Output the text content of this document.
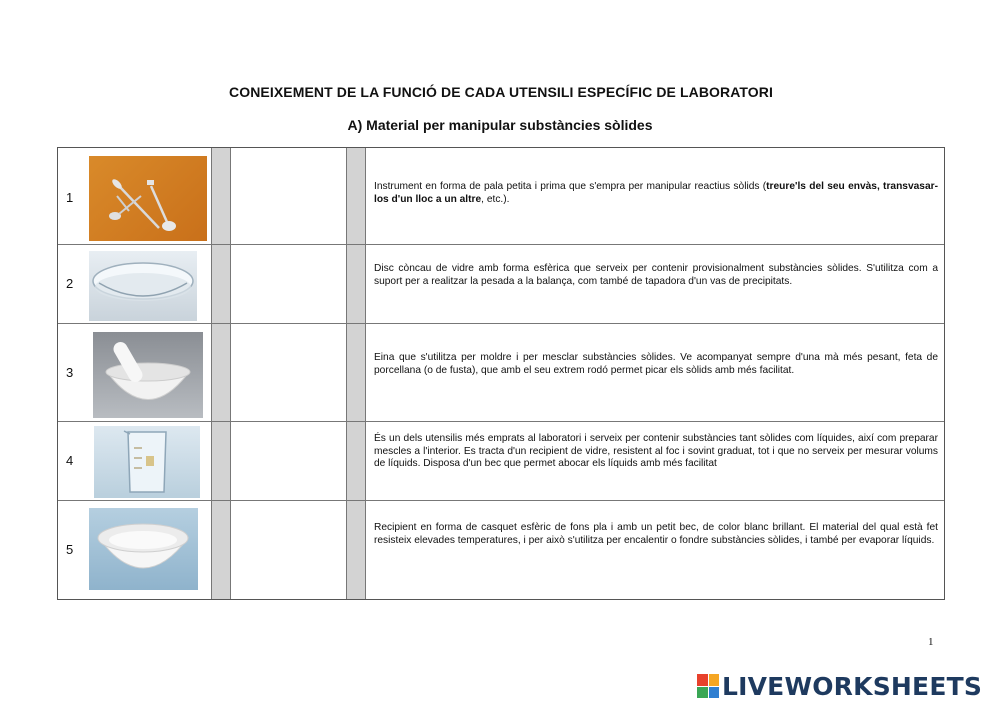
CONEIXEMENT DE LA FUNCIÓ DE CADA UTENSILI ESPECÍFIC DE LABORATORI
A) Material per manipular substàncies sòlides
1
Instrument en forma de pala petita i prima que s'empra per manipular reactius sòlids (treure'ls del seu envàs, transvasar-los d'un lloc a un altre, etc.).
2
Disc còncau de vidre amb forma esfèrica que serveix per contenir provisionalment substàncies sòlides. S'utilitza com a suport per a realitzar la pesada a la balança, com també de tapadora d'un vas de precipitats.
3
Eina que s'utilitza per moldre i per mesclar substàncies sòlides. Ve acompanyat sempre d'una mà més pesant, feta de porcellana (o de fusta), que amb el seu extrem rodó permet picar els sòlids amb més facilitat.
4
És un dels utensilis més emprats al laboratori i serveix per contenir substàncies tant sòlides com líquides, així com preparar mescles a l'interior. Es tracta d'un recipient de vidre, resistent al foc i sovint graduat, tot i que no serveix per mesurar volums de líquids. Disposa d'un bec que permet abocar els líquids amb més facilitat
5
Recipient en forma de casquet esfèric de fons pla i amb un petit bec, de color blanc brillant. El material del qual està fet resisteix elevades temperatures, i per això s'utilitza per encalentir o fondre substàncies sòlides, i també per evaporar líquids.
1
LIVEWORKSHEETS
